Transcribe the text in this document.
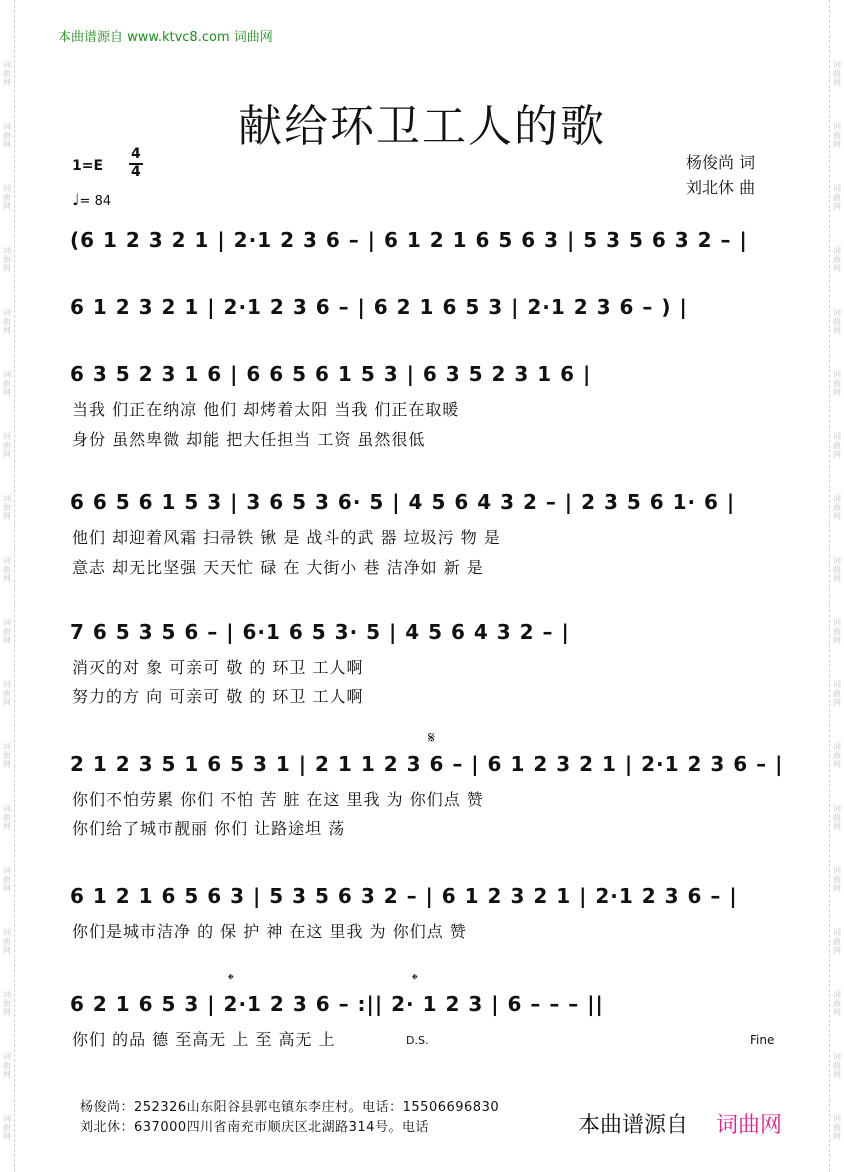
词
曲
网
词
曲
网
词
曲
网
词
曲
网
词
曲
网
词
曲
网
词
曲
网
词
曲
网
词
曲
网
词
曲
网
词
曲
网
词
曲
网
词
曲
网
词
曲
网
词
曲
网
词
曲
网
词
曲
网
词
曲
网
词
曲
网
词
曲
网
词
曲
网
词
曲
网
词
曲
网
词
曲
网
词
曲
网
词
曲
网
词
曲
网
词
曲
网
词
曲
网
词
曲
网
词
曲
网
词
曲
网
词
曲
网
词
曲
网
词
曲
网
词
曲
网
本曲谱源自 www.ktvc8.com 词曲网
献给环卫工人的歌
1=E
4
4
♩= 84
杨俊尚 词
刘北休 曲
(6 1 2 3 2 1 | 2·1 2 3 6 – | 6 1 2 1 6 5 6 3 | 5 3 5 6 3 2 – |
6 1 2 3 2 1 | 2·1 2 3 6 – | 6 2 1 6 5 3 | 2·1 2 3 6 – ) |
6 3 5 2 3 1 6 | 6 6 5 6 1 5 3 | 6 3 5 2 3 1 6 |
当我 们正在纳凉 他们 却烤着太阳 当我 们正在取暖
身份 虽然卑微 却能 把大任担当 工资 虽然很低
6 6 5 6 1 5 3 | 3 6 5 3 6· 5 | 4 5 6 4 3 2 – | 2 3 5 6 1· 6 |
他们 却迎着风霜 扫帚铁 锹 是 战斗的武 器 垃圾污 物 是
意志 却无比坚强 天天忙 碌 在 大街小 巷 洁净如 新 是
7 6 5 3 5 6 – | 6·1 6 5 3· 5 | 4 5 6 4 3 2 – |
消灭的对 象 可亲可 敬 的 环卫 工人啊
努力的方 向 可亲可 敬 的 环卫 工人啊
𝄋
2 1 2 3 5 1 6 5 3 1 | 2 1 1 2 3 6 – | 6 1 2 3 2 1 | 2·1 2 3 6 – |
你们不怕劳累 你们 不怕 苦 脏 在这 里我 为 你们点 赞
你们给了城市靓丽 你们 让路途坦 荡
6 1 2 1 6 5 6 3 | 5 3 5 6 3 2 – | 6 1 2 3 2 1 | 2·1 2 3 6 – |
你们是城市洁净 的 保 护 神 在这 里我 为 你们点 赞
𝄌	𝄌
6 2 1 6 5 3 | 2·1 2 3 6 – :|| 2· 1 2 3 | 6 – – – ||
你们 的品 德 至高无 上 至 高无 上	D.S.	Fine
杨俊尚：252326山东阳谷县郭屯镇东李庄村。电话：15506696830
刘北休：637000四川省南充市顺庆区北湖路314号。电话	本曲谱源自 词曲网
